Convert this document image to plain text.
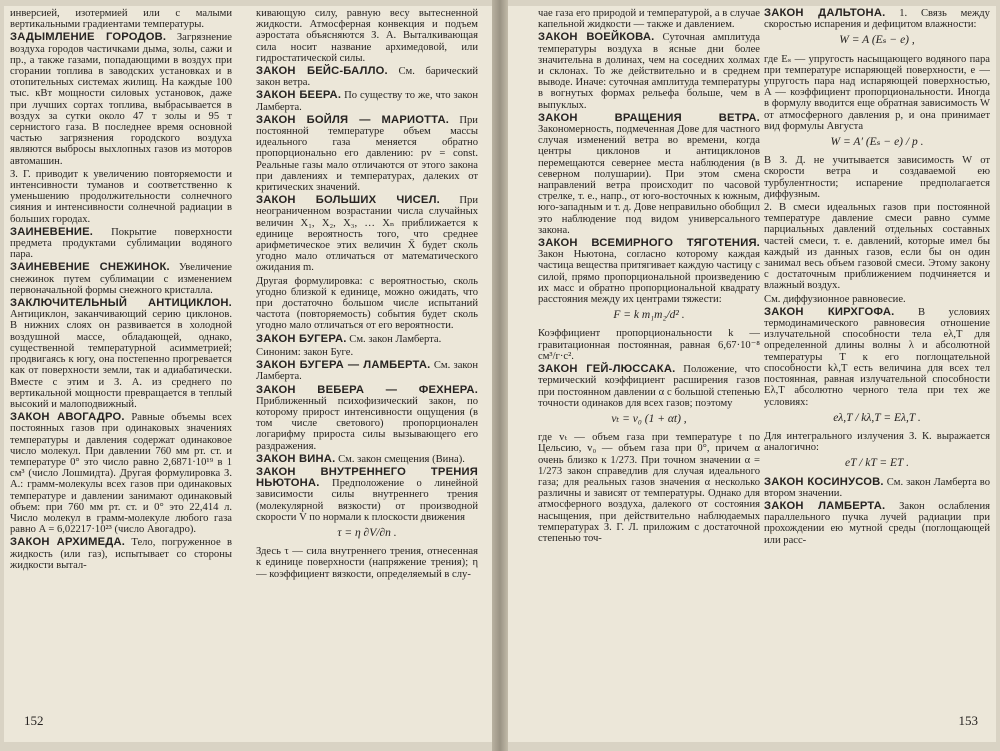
инверсией, изотермией или с малыми вертикальными градиентами температуры.

ЗАДЫМЛЕНИЕ ГОРОДОВ. Загрязнение воздуха городов частичками дыма, золы, сажи и пр., а также газами, попадающими в воздух при сгорании топлива в заводских установках и в отопительных системах жилищ. На каждые 100 тыс. кВт мощности силовых установок, даже при лучших сортах топлива, выбрасывается в воздух за сутки около 47 т золы и 95 т сернистого газа. В последнее время основной частью загрязнения городского воздуха являются выбросы выхлопных газов из моторов автомашин.

З. Г. приводит к увеличению повторяемости и интенсивности туманов и соответственно к уменьшению продолжительности солнечного сияния и интенсивности солнечной радиации в больших городах.

ЗАИНЕВЕНИЕ. Покрытие поверхности предмета продуктами сублимации водяного пара.

ЗАИНЕВЕНИЕ СНЕЖИНОК. Увеличение снежинок путем сублимации с изменением первоначальной формы снежного кристалла.

ЗАКЛЮЧИТЕЛЬНЫЙ АНТИЦИКЛОН. Антициклон, заканчивающий серию циклонов. В нижних слоях он развивается в холодной воздушной массе, обладающей, однако, существенной температурной асимметрией; продвигаясь к югу, она постепенно прогревается как от поверхности земли, так и адиабатически. Вместе с этим и З. А. из среднего по вертикальной мощности превращается в теплый высокий и малоподвижный.

ЗАКОН АВОГАДРО. Равные объемы всех постоянных газов при одинаковых значениях температуры и давления содержат одинаковое число молекул. При давлении 760 мм рт. ст. и температуре 0° это число равно 2,6871·10¹⁹ в 1 см³ (число Лошмидта). Другая формулировка З. А.: грамм-молекулы всех газов при одинаковых температуре и давлении занимают одинаковый объем: при 760 мм рт. ст. и 0° это 22,414 л. Число молекул в грамм-молекуле любого газа равно A = 6,02217·10²³ (число Авогадро).

ЗАКОН АРХИМЕДА. Тело, погруженное в жидкость (или газ), испытывает со стороны жидкости вытал-

кивающую силу, равную весу вытесненной жидкости. Атмосферная конвекция и подъем аэростата объясняются З. А. Выталкивающая сила носит название архимедовой, или гидростатической силы.

ЗАКОН БЕЙС-БАЛЛО. См. барический закон ветра.

ЗАКОН БЕЕРА. По существу то же, что закон Ламберта.

ЗАКОН БОЙЛЯ — МАРИОТТА. При постоянной температуре объем массы идеального газа меняется обратно пропорционально его давлению: pv = const. Реальные газы мало отличаются от этого закона при давлениях и температурах, далеких от критических значений.

ЗАКОН БОЛЬШИХ ЧИСЕЛ. При неограниченном возрастании числа случайных величин X₁, X₂, X₃, … Xₙ приближается к единице вероятность того, что среднее арифметическое этих величин X̄ будет сколь угодно мало отличаться от математического ожидания m.

Другая формулировка: с вероятностью, сколь угодно близкой к единице, можно ожидать, что при достаточно большом числе испытаний частота (повторяемость) события будет сколь угодно мало отличаться от его вероятности.

ЗАКОН БУГЕРА. См. закон Ламберта.

Синоним: закон Буге.

ЗАКОН БУГЕРА — ЛАМБЕРТА. См. закон Ламберта.

ЗАКОН ВЕБЕРА — ФЕХНЕРА. Приближенный психофизический закон, по которому прирост интенсивности ощущения (в том числе светового) пропорционален логарифму прироста силы вызывающего его раздражения.

ЗАКОН ВИНА. См. закон смещения (Вина).

ЗАКОН ВНУТРЕННЕГО ТРЕНИЯ НЬЮТОНА. Предположение о линейной зависимости силы внутреннего трения (молекулярной вязкости) от производной скорости V по нормали к плоскости движения

τ = η ∂V/∂n .

Здесь τ — сила внутреннего трения, отнесенная к единице поверхности (напряжение трения); η — коэффициент вязкости, определяемый в слу-

152

чае газа его природой и температурой, а в случае капельной жидкости — также и давлением.

ЗАКОН ВОЕЙКОВА. Суточная амплитуда температуры воздуха в ясные дни более значительна в долинах, чем на соседних холмах и склонах. То же действительно и в среднем выводе. Иначе: суточная амплитуда температуры в вогнутых формах рельефа больше, чем в выпуклых.

ЗАКОН ВРАЩЕНИЯ ВЕТРА. Закономерность, подмеченная Дове для частного случая изменений ветра во времени, когда центры циклонов и антициклонов перемещаются севернее места наблюдения (в северном полушарии). При этом смена направлений ветра происходит по часовой стрелке, т. е., напр., от юго-восточных к южным, юго-западным и т. д. Дове неправильно обобщил это наблюдение под видом универсального закона.

ЗАКОН ВСЕМИРНОГО ТЯГОТЕНИЯ. Закон Ньютона, согласно которому каждая частица вещества притягивает каждую частицу с силой, прямо пропорциональной произведению их масс и обратно пропорциональной квадрату расстояния между их центрами тяжести:

F = k m₁m₂/d² .

Коэффициент пропорциональности k — гравитационная постоянная, равная 6,67·10⁻⁸ см³/г·с².

ЗАКОН ГЕЙ-ЛЮССАКА. Положение, что термический коэффициент расширения газов при постоянном давлении α с большой степенью точности одинаков для всех газов; поэтому

vₜ = v₀ (1 + αt) ,

где vₜ — объем газа при температуре t по Цельсию, v₀ — объем газа при 0°, причем α очень близко к 1/273. При точном значении α = 1/273 закон справедлив для случая идеального газа; для реальных газов значения α несколько различны и зависят от температуры. Однако для атмосферного воздуха, далекого от состояния насыщения, при действительно наблюдаемых температурах З. Г. Л. приложим с достаточной степенью точ-

ЗАКОН ДАЛЬТОНА. 1. Связь между скоростью испарения и дефицитом влажности:

W = A (Eₛ − e) ,

где Eₛ — упругость насыщающего водяного пара при температуре испаряющей поверхности, e — упругость пара над испаряющей поверхностью, A — коэффициент пропорциональности. Иногда в формулу вводится еще обратная зависимость W от атмосферного давления p, и она принимает вид формулы Августа

W = A′ (Eₛ − e) / p .

В З. Д. не учитывается зависимость W от скорости ветра и создаваемой ею турбулентности; испарение предполагается диффузным.

2. В смеси идеальных газов при постоянной температуре давление смеси равно сумме парциальных давлений отдельных составных частей смеси, т. е. давлений, которые имел бы каждый из данных газов, если бы он один занимал весь объем газовой смеси. Этому закону с достаточным приближением подчиняется и влажный воздух.

См. диффузионное равновесие.

ЗАКОН КИРХГОФА. В условиях термодинамического равновесия отношение излучательной способности тела eλ,T для определенной длины волны λ и абсолютной температуры T к его поглощательной способности kλ,T есть величина для всех тел постоянная, равная излучательной способности Eλ,T абсолютно черного тела при тех же условиях:

eλ,T / kλ,T = Eλ,T .

Для интегрального излучения З. К. выражается аналогично:

eT / kT = ET .

ЗАКОН КОСИНУСОВ. См. закон Ламберта во втором значении.

ЗАКОН ЛАМБЕРТА. Закон ослабления параллельного пучка лучей радиации при прохождении ею мутной среды (поглощающей или расс-

153
